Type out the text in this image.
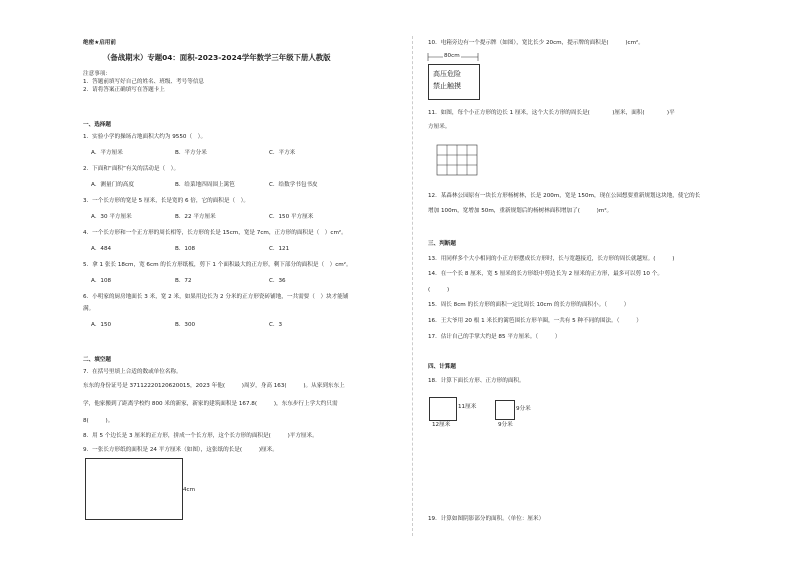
绝密★启用前
（备战期末）专题04：面积-2023-2024学年数学三年级下册人教版
注意事项：
1．答题前填写好自己的姓名、班级、考号等信息
2．请将答案正确填写在答题卡上
一、选择题
1．实验小学的操场占地面积大约为 9550（　）。
A．平方厘米	B．平方分米	C．平方米
2．下面和“面积”有关的活动是（　）。
A．测量门的高度	B．给菜地四周围上篱笆	C．给数学书包书皮
3．一个长方形的宽是 5 厘米，长是宽的 6 倍，它的面积是（　）。
A．30 平方厘米	B．22 平方厘米	C．150 平方厘米
4．一个长方形和一个正方形的周长相等，长方形的长是 15cm，宽是 7cm，正方形的面积是（　）cm²。
A．484	B．108	C．121
5．拿 1 张长 18cm，宽 6cm 的长方形纸板，剪下 1 个面积最大的正方形，剩下部分的面积是（　）cm²。
A．108	B．72	C．36
6．小明家的厨房地面长 3 米，宽 2 米，如果用边长为 2 分米的正方形瓷砖铺地，一共需要（　）块才能铺
满。
A．150	B．300	C．3
二、填空题
7．在括号里填上合适的数或单位名称。
东东的身份证号是 37112220120620015，2023 年他(　　　)周岁，身高 163(　　　)。从家到东东上
学，他家搬到了距离学校约 800 米的新家，新家的建筑面积是 167.8(　　　)，东东步行上学大约只需
8(　　　)。
8．用 5 个边长是 3 厘米的正方形，拼成一个长方形，这个长方形的面积是(　　　)平方厘米。
9．一张长方形纸的面积是 24 平方厘米（如图），这张纸的长是(　　　)厘米。
4cm
10．电箱旁边有一个提示牌（如图），宽比长少 20cm，提示牌的面积是(　　　)cm²。
80cm
高压危险
禁止触摸
11．如图，每个小正方形的边长 1 厘米，这个大长方形的周长是(　　　　)厘米，面积(　　　　)平
方厘米。
12．某森林公园原有一块长方形杨树林，长是 200m，宽是 150m，现在公园想要重新规划这块地，使它的长
增加 100m，宽增加 50m，重新规划后的杨树林面积增加了(　　　)m²。
三、判断题
13．用同样多个大小相同的小正方形摆成长方形时，长与宽越接近，长方形的周长就越短。(　　　)
14．在一个长 8 厘米，宽 5 厘米的长方形纸中剪边长为 2 厘米的正方形，最多可以剪 10 个。
(　　　)
15．周长 8cm 的长方形的面积一定比周长 10cm 的长方形的面积小。（　　　）
16．王大爷用 20 根 1 米长的篱笆围长方形羊圈，一共有 5 种不同的围法。（　　　）
17．估计自己的手掌大约是 85 平方厘米。（　　　）
四、计算题
18．计算下面长方形、正方形的面积。
11厘米
12厘米
9分米
9分米
19．计算如图阴影部分的面积。（单位：厘米）
